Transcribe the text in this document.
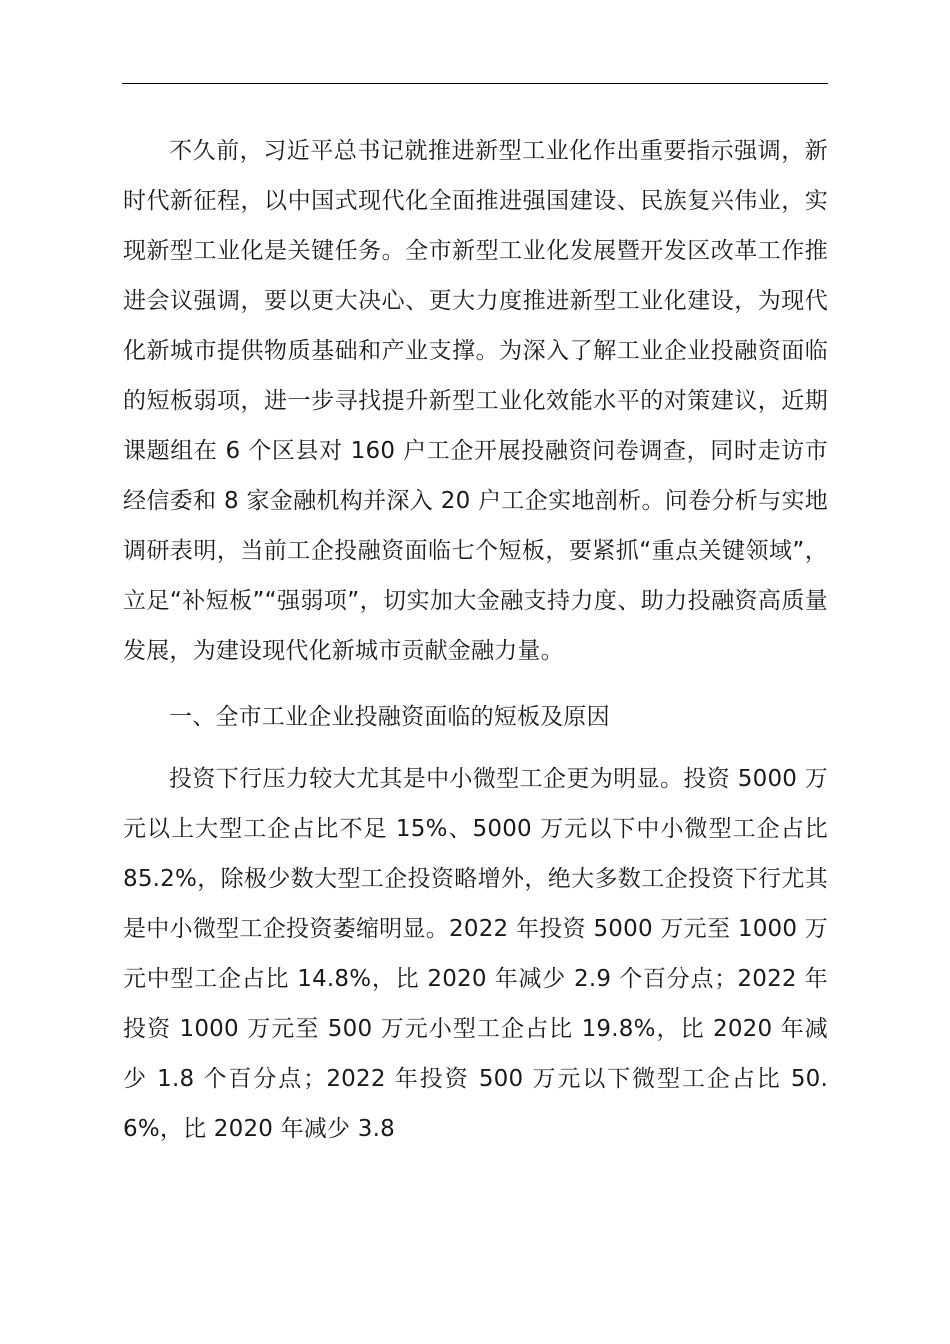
不久前，习近平总书记就推进新型工业化作出重要指示强调，新时代新征程，以中国式现代化全面推进强国建设、民族复兴伟业，实现新型工业化是关键任务。全市新型工业化发展暨开发区改革工作推进会议强调，要以更大决心、更大力度推进新型工业化建设，为现代化新城市提供物质基础和产业支撑。为深入了解工业企业投融资面临的短板弱项，进一步寻找提升新型工业化效能水平的对策建议，近期课题组在 6 个区县对 160 户工企开展投融资问卷调查，同时走访市经信委和 8 家金融机构并深入 20 户工企实地剖析。问卷分析与实地调研表明，当前工企投融资面临七个短板，要紧抓“重点关键领域”，立足“补短板”“强弱项”，切实加大金融支持力度、助力投融资高质量发展，为建设现代化新城市贡献金融力量。

一、全市工业企业投融资面临的短板及原因

投资下行压力较大尤其是中小微型工企更为明显。投资 5000 万元以上大型工企占比不足 15%、5000 万元以下中小微型工企占比 85.2%，除极少数大型工企投资略增外，绝大多数工企投资下行尤其是中小微型工企投资萎缩明显。2022 年投资 5000 万元至 1000 万元中型工企占比 14.8%，比 2020 年减少 2.9 个百分点；2022 年投资 1000 万元至 500 万元小型工企占比 19.8%，比 2020 年减少 1.8 个百分点；2022 年投资 500 万元以下微型工企占比 50.6%，比 2020 年减少 3.8
